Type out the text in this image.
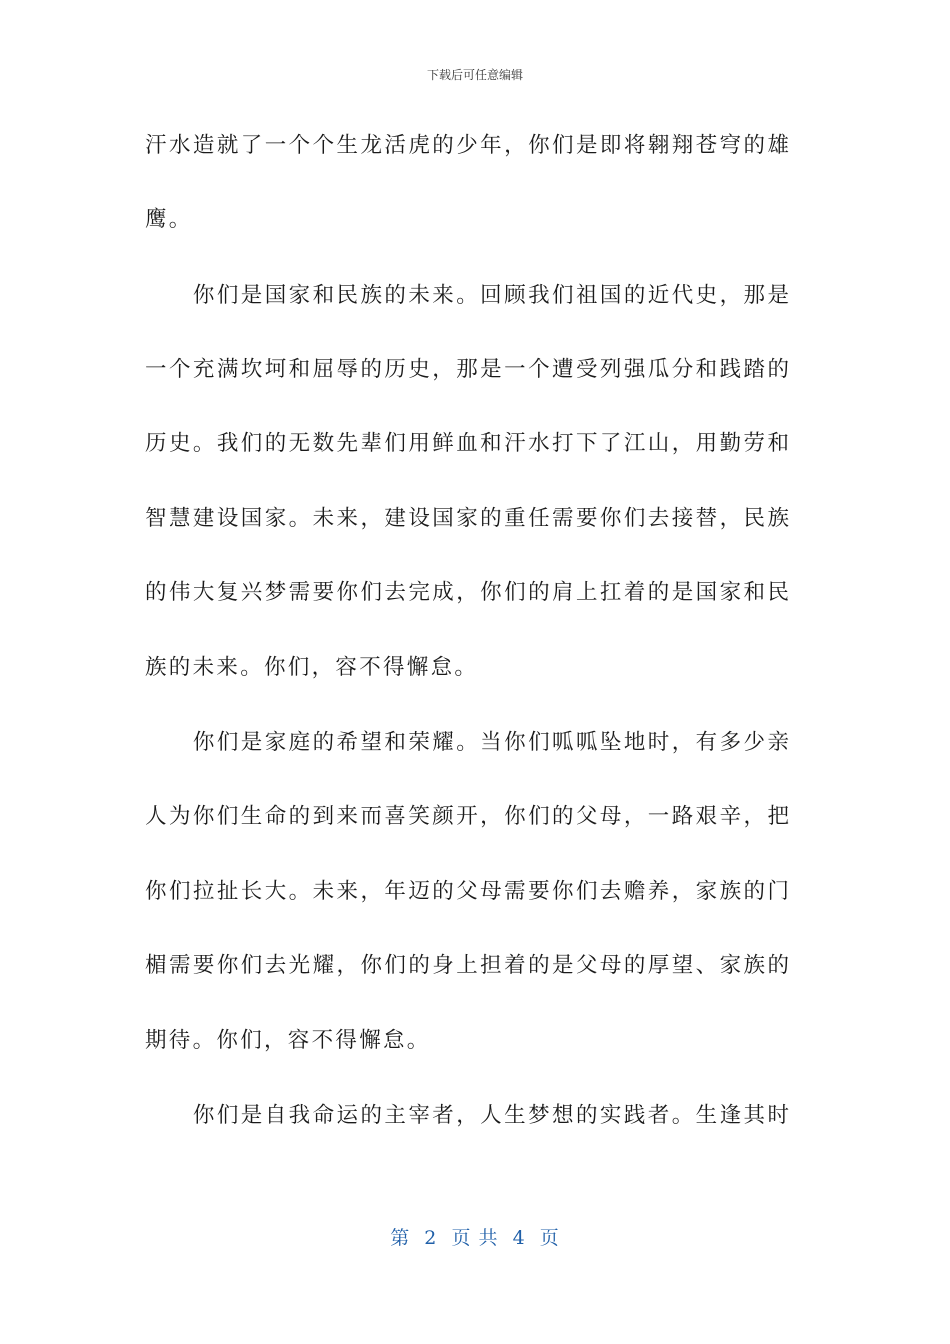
下载后可任意编辑
汗水造就了一个个生龙活虎的少年，你们是即将翱翔苍穹的雄
鹰。
　　你们是国家和民族的未来。回顾我们祖国的近代史，那是
一个充满坎坷和屈辱的历史，那是一个遭受列强瓜分和践踏的
历史。我们的无数先辈们用鲜血和汗水打下了江山，用勤劳和
智慧建设国家。未来，建设国家的重任需要你们去接替，民族
的伟大复兴梦需要你们去完成，你们的肩上扛着的是国家和民
族的未来。你们，容不得懈怠。
　　你们是家庭的希望和荣耀。当你们呱呱坠地时，有多少亲
人为你们生命的到来而喜笑颜开，你们的父母，一路艰辛，把
你们拉扯长大。未来，年迈的父母需要你们去赡养，家族的门
楣需要你们去光耀，你们的身上担着的是父母的厚望、家族的
期待。你们，容不得懈怠。
　　你们是自我命运的主宰者，人生梦想的实践者。生逢其时
第  2  页 共  4  页
